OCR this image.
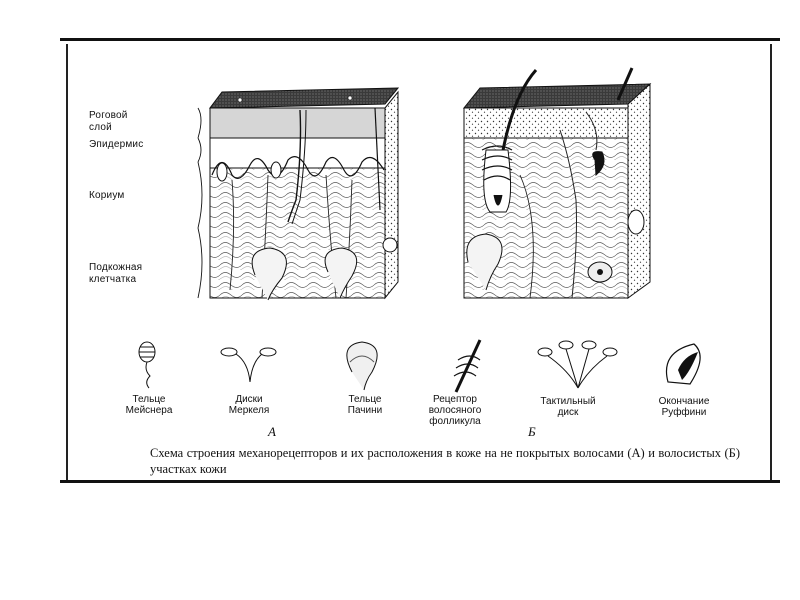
Роговой
слой
Эпидермис
Кориум
Подкожная
клетчатка
Тельце
Мейснера
Диски
Меркеля
Тельце
Пачини
Рецептор
волосяного
фолликула
Тактильный
диск
Окончание
Руффини
А	Б
Схема строения механорецепторов и их расположения в коже на не покрытых волосами (А) и волосистых (Б) участках кожи
